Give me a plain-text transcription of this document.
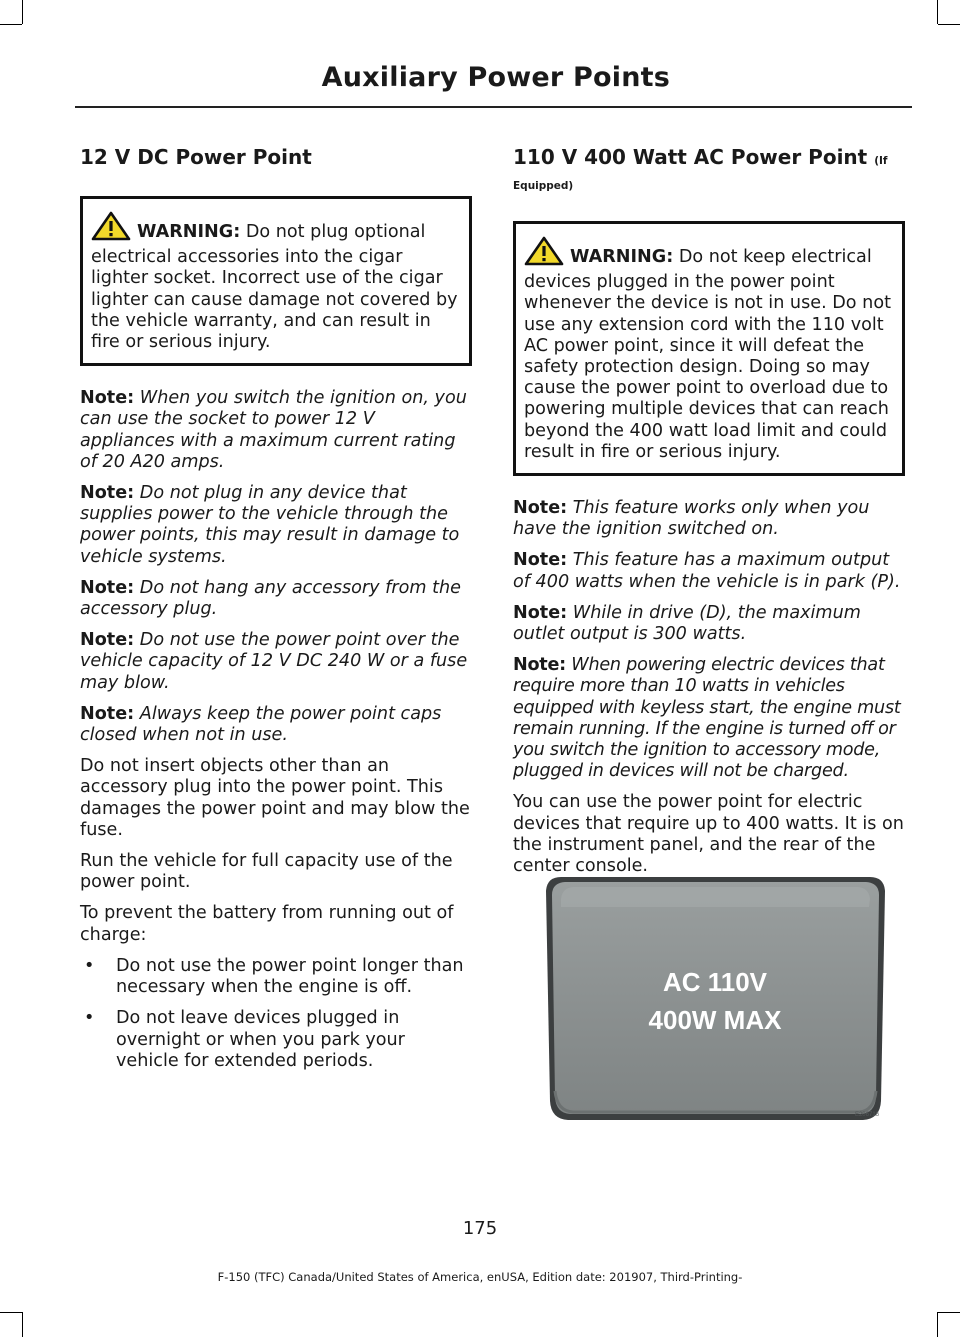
Auxiliary Power Points
12 V DC Power Point
WARNING: Do not plug optional electrical accessories into the cigar lighter socket. Incorrect use of the cigar lighter can cause damage not covered by the vehicle warranty, and can result in fire or serious injury.

Note: When you switch the ignition on, you can use the socket to power 12 V appliances with a maximum current rating of 20 A20 amps.

Note: Do not plug in any device that supplies power to the vehicle through the power points, this may result in damage to vehicle systems.

Note: Do not hang any accessory from the accessory plug.

Note: Do not use the power point over the vehicle capacity of 12 V DC 240 W or a fuse may blow.

Note: Always keep the power point caps closed when not in use.

Do not insert objects other than an accessory plug into the power point. This damages the power point and may blow the fuse.

Run the vehicle for full capacity use of the power point.

To prevent the battery from running out of charge:

• Do not use the power point longer than necessary when the engine is off.
• Do not leave devices plugged in overnight or when you park your vehicle for extended periods.
110 V 400 Watt AC Power Point (If
Equipped)
WARNING: Do not keep electrical devices plugged in the power point whenever the device is not in use. Do not use any extension cord with the 110 volt AC power point, since it will defeat the safety protection design. Doing so may cause the power point to overload due to powering multiple devices that can reach beyond the 400 watt load limit and could result in fire or serious injury.

Note: This feature works only when you have the ignition switched on.

Note: This feature has a maximum output of 400 watts when the vehicle is in park (P).

Note: While in drive (D), the maximum outlet output is 300 watts.

Note: When powering electric devices that require more than 10 watts in vehicles equipped with keyless start, the engine must remain running. If the engine is turned off or you switch the ignition to accessory mode, plugged in devices will not be charged.

You can use the power point for electric devices that require up to 400 watts. It is on the instrument panel, and the rear of the center console.

AC 110V
400W MAX
E206716
175
F-150 (TFC) Canada/United States of America, enUSA, Edition date: 201907, Third-Printing-
